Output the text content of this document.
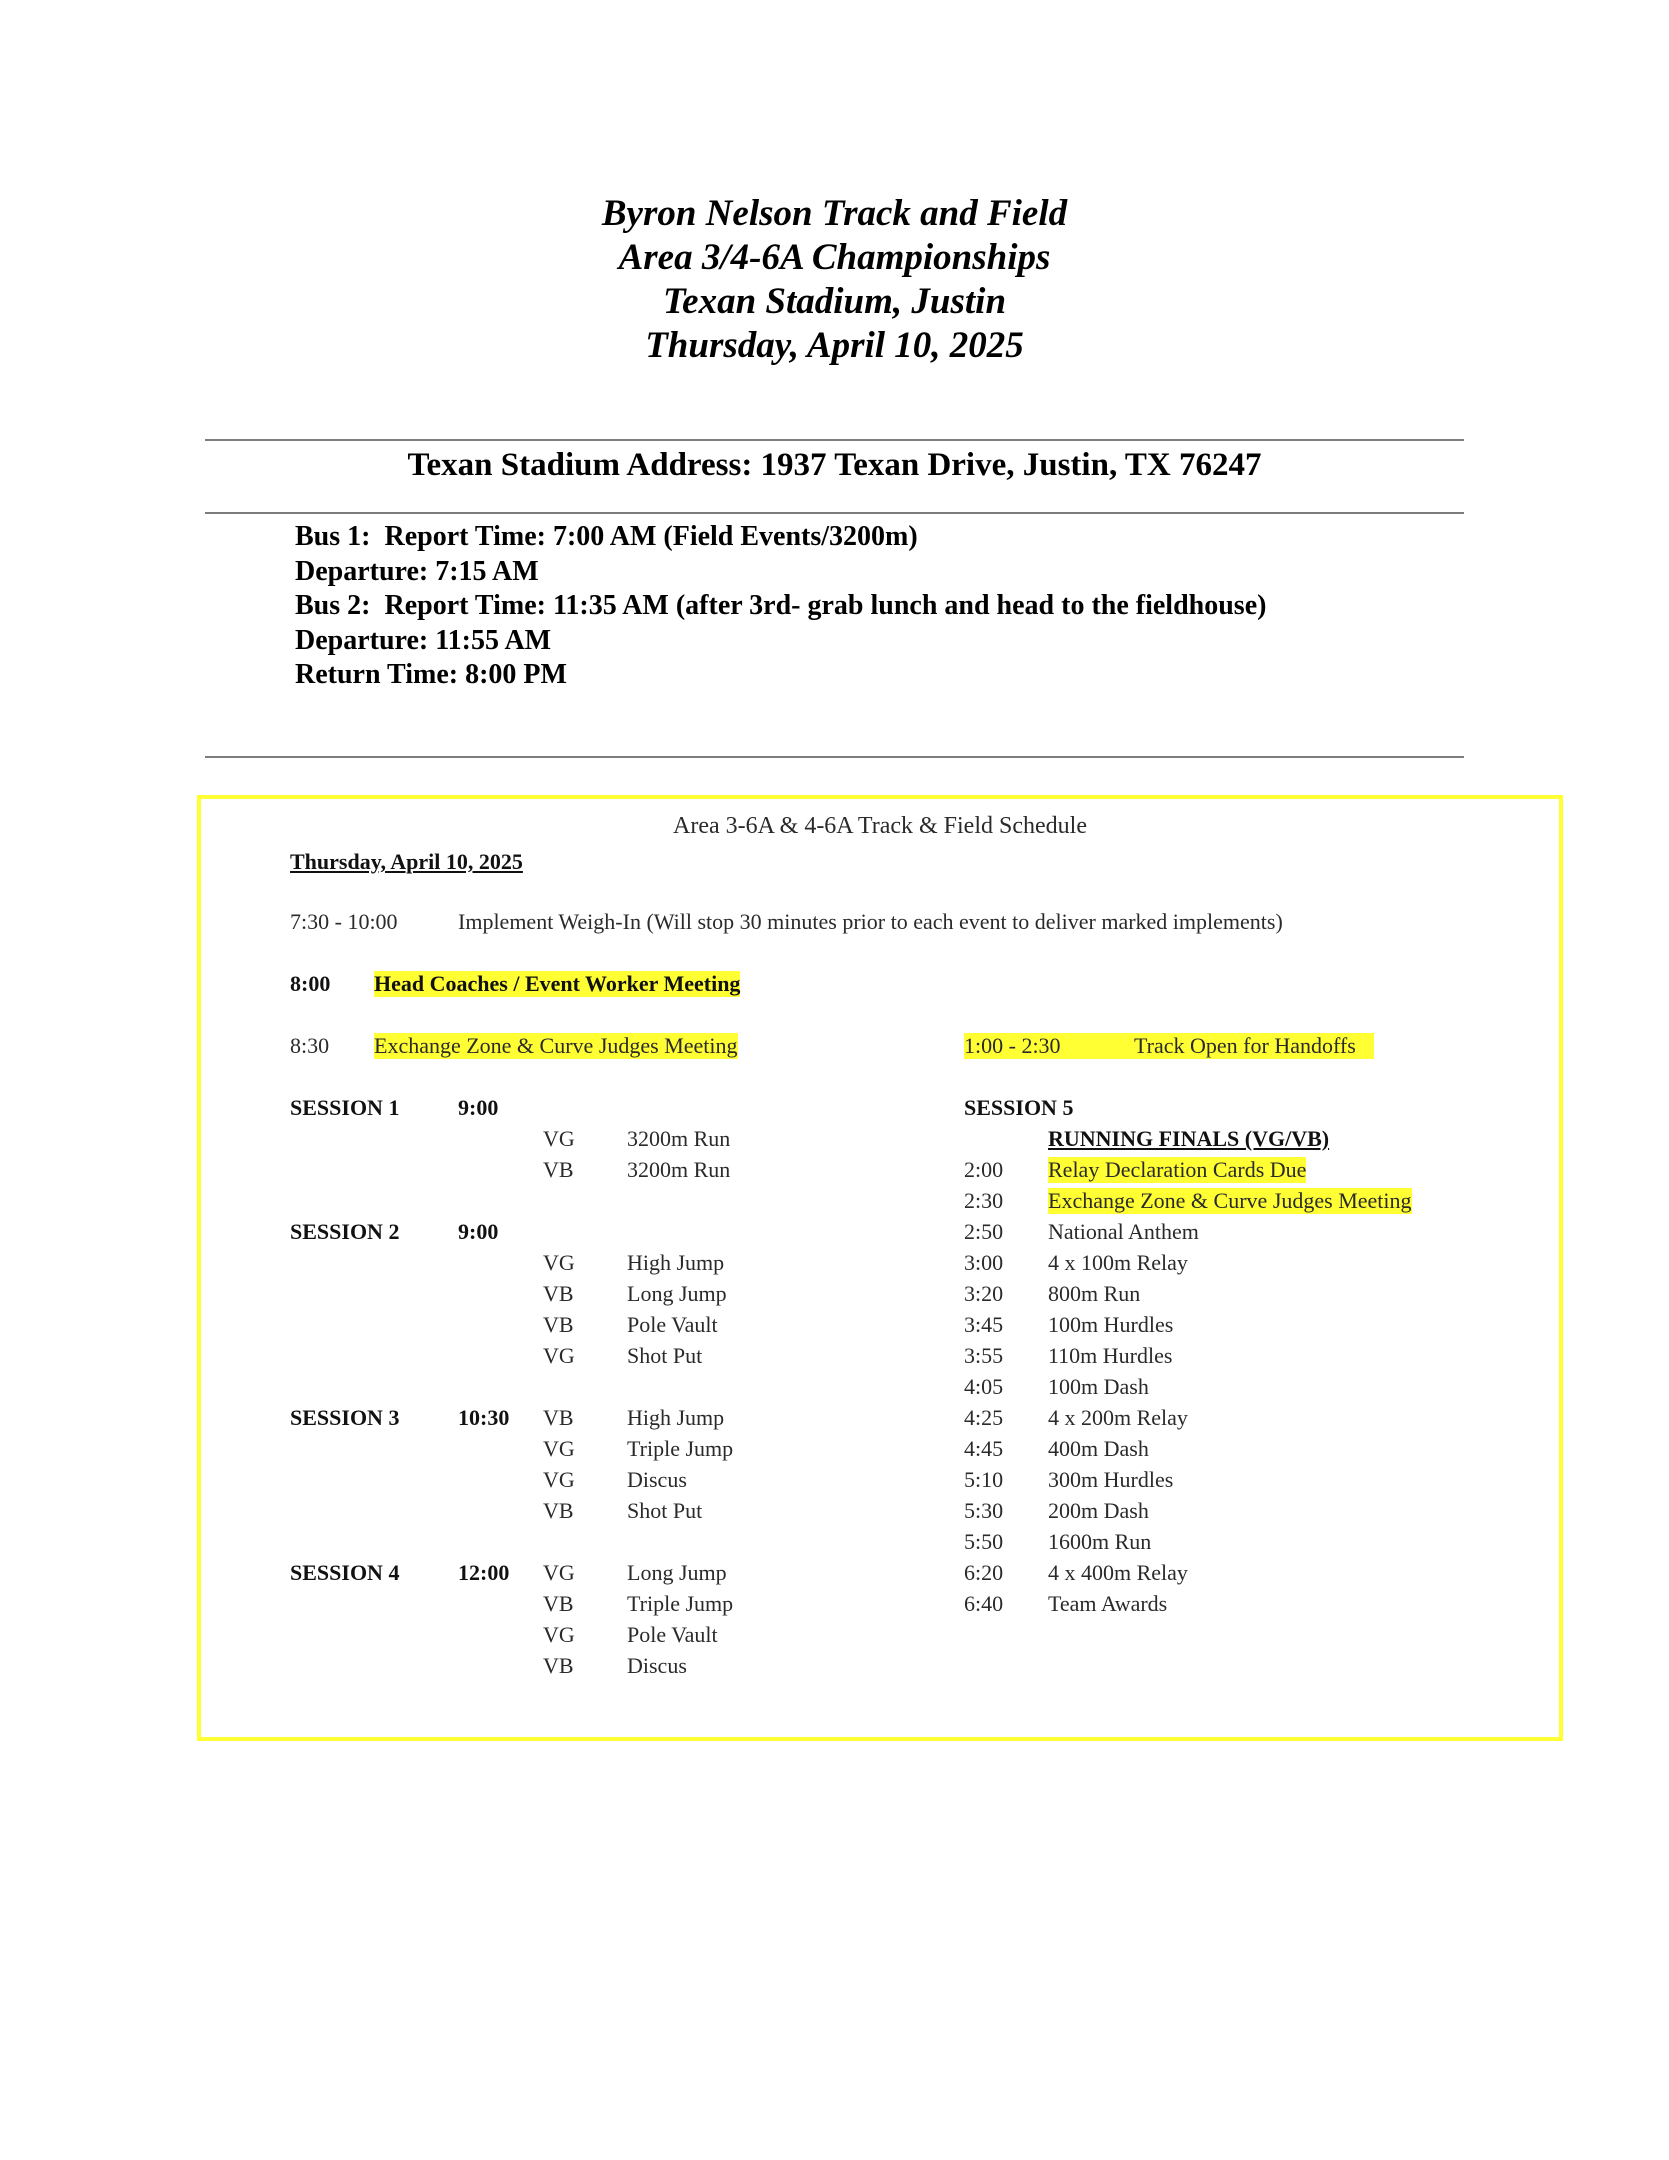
Byron Nelson Track and Field
Area 3/4-6A Championships
Texan Stadium, Justin
Thursday, April 10, 2025
Texan Stadium Address: 1937 Texan Drive, Justin, TX 76247
Bus 1:  Report Time: 7:00 AM (Field Events/3200m)
Departure: 7:15 AM
Bus 2:  Report Time: 11:35 AM (after 3rd- grab lunch and head to the fieldhouse)
Departure: 11:55 AM
Return Time: 8:00 PM
Area 3-6A & 4-6A Track & Field Schedule
Thursday, April 10, 2025
7:30 - 10:00	Implement Weigh-In (Will stop 30 minutes prior to each event to deliver marked implements)
8:00 Head Coaches / Event Worker Meeting
8:30 Exchange Zone & Curve Judges Meeting	1:00 - 2:30	Track Open for Handoffs
SESSION 1	9:00
VG 3200m Run
VB 3200m Run
SESSION 2	9:00
VG High Jump
VB Long Jump
VB Pole Vault
VG Shot Put
SESSION 3	10:30 VB High Jump
VG Triple Jump
VG Discus
VB Shot Put
SESSION 4	12:00 VG Long Jump
VB Triple Jump
VG Pole Vault
VB Discus
SESSION 5
RUNNING FINALS (VG/VB)
2:00 Relay Declaration Cards Due
2:30 Exchange Zone & Curve Judges Meeting
2:50 National Anthem
3:00 4 x 100m Relay
3:20 800m Run
3:45 100m Hurdles
3:55 110m Hurdles
4:05 100m Dash
4:25 4 x 200m Relay
4:45 400m Dash
5:10 300m Hurdles
5:30 200m Dash
5:50 1600m Run
6:20 4 x 400m Relay
6:40 Team Awards
